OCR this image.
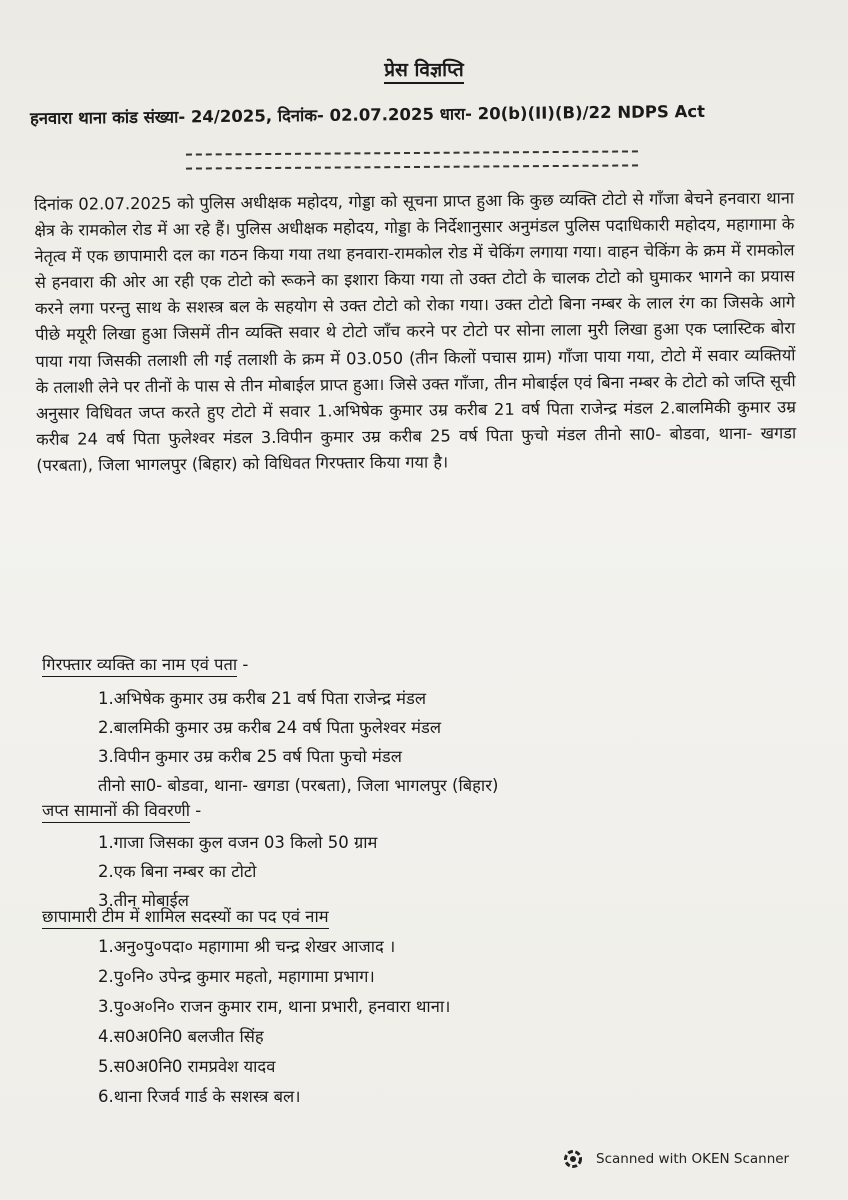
प्रेस विज्ञप्ति
हनवारा थाना कांड संख्या- 24/2025, दिनांक- 02.07.2025 धारा- 20(b)(II)(B)/22 NDPS Act
दिनांक 02.07.2025 को पुलिस अधीक्षक महोदय, गोड्डा को सूचना प्राप्त हुआ कि कुछ व्यक्ति टोटो से गाँजा बेचने हनवारा थाना क्षेत्र के रामकोल रोड में आ रहे हैं। पुलिस अधीक्षक महोदय, गोड्डा के निर्देशानुसार अनुमंडल पुलिस पदाधिकारी महोदय, महागामा के नेतृत्व में एक छापामारी दल का गठन किया गया तथा हनवारा-रामकोल रोड में चेकिंग लगाया गया। वाहन चेकिंग के क्रम में रामकोल से हनवारा की ओर आ रही एक टोटो को रूकने का इशारा किया गया तो उक्त टोटो के चालक टोटो को घुमाकर भागने का प्रयास करने लगा परन्तु साथ के सशस्त्र बल के सहयोग से उक्त टोटो को रोका गया। उक्त टोटो बिना नम्बर के लाल रंग का जिसके आगे पीछे मयूरी लिखा हुआ जिसमें तीन व्यक्ति सवार थे टोटो जाँच करने पर टोटो पर सोना लाला मुरी लिखा हुआ एक प्लास्टिक बोरा पाया गया जिसकी तलाशी ली गई तलाशी के क्रम में 03.050 (तीन किलों पचास ग्राम) गाँजा पाया गया, टोटो में सवार व्यक्तियों के तलाशी लेने पर तीनों के पास से तीन मोबाईल प्राप्त हुआ। जिसे उक्त गाँजा, तीन मोबाईल एवं बिना नम्बर के टोटो को जप्ति सूची अनुसार विधिवत जप्त करते हुए टोटो में सवार 1.अभिषेक कुमार उम्र करीब 21 वर्ष पिता राजेन्द्र मंडल 2.बालमिकी कुमार उम्र करीब 24 वर्ष पिता फुलेश्वर मंडल 3.विपीन कुमार उम्र करीब 25 वर्ष पिता फुचो मंडल तीनो सा0- बोडवा, थाना- खगडा (परबता), जिला भागलपुर (बिहार) को विधिवत गिरफ्तार किया गया है।
गिरफ्तार व्यक्ति का नाम एवं पता -
1.अभिषेक कुमार उम्र करीब 21 वर्ष पिता राजेन्द्र मंडल
2.बालमिकी कुमार उम्र करीब 24 वर्ष पिता फुलेश्वर मंडल
3.विपीन कुमार उम्र करीब 25 वर्ष पिता फुचो मंडल
तीनो सा0- बोडवा, थाना- खगडा (परबता), जिला भागलपुर (बिहार)
जप्त सामानों की विवरणी -
1.गाजा जिसका कुल वजन 03 किलो 50 ग्राम
2.एक बिना नम्बर का टोटो
3.तीन मोबाईल
छापामारी टीम में शामिल सदस्यों का पद एवं नाम
1.अनु०पु०पदा० महागामा श्री चन्द्र शेखर आजाद ।
2.पु०नि० उपेन्द्र कुमार महतो, महागामा प्रभाग।
3.पु०अ०नि० राजन कुमार राम, थाना प्रभारी, हनवारा थाना।
4.स0अ0नि0 बलजीत सिंह
5.स0अ0नि0 रामप्रवेश यादव
6.थाना रिजर्व गार्ड के सशस्त्र बल।
Scanned with OKEN Scanner
